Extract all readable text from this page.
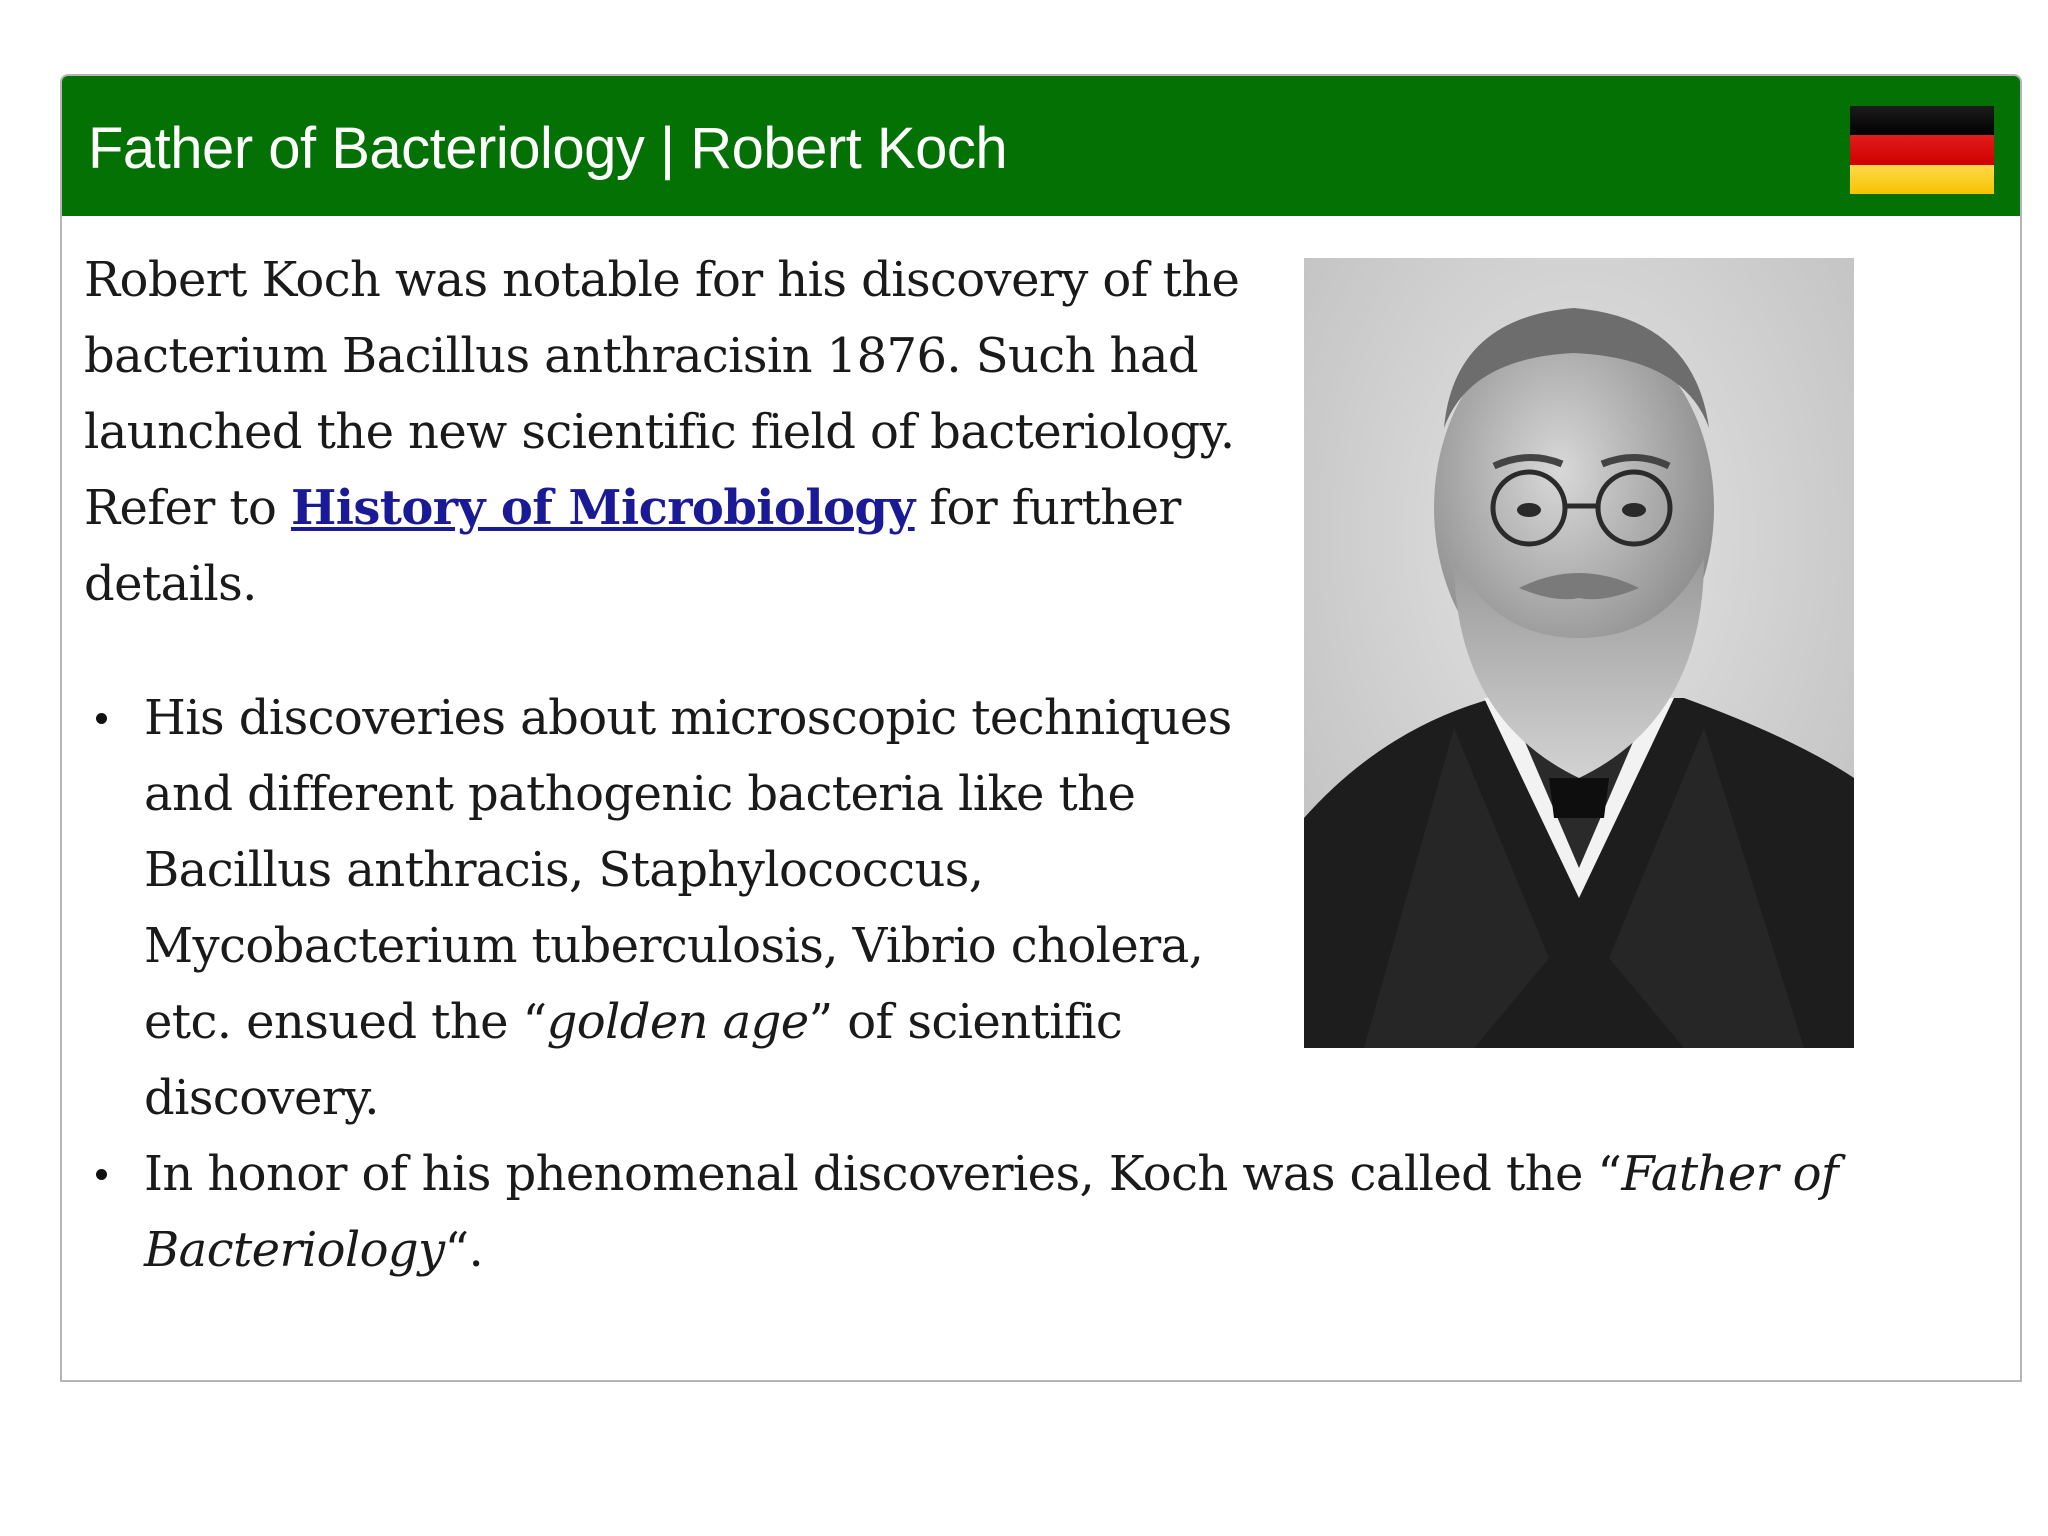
Father of Bacteriology | Robert Koch

Robert Koch was notable for his discovery of the bacterium Bacillus anthracisin 1876. Such had launched the new scientific field of bacteriology. Refer to History of Microbiology for further details.

His discoveries about microscopic techniques and different pathogenic bacteria like the Bacillus anthracis, Staphylococcus, Mycobacterium tuberculosis, Vibrio cholera, etc. ensued the “golden age” of scientific discovery.
In honor of his phenomenal discoveries, Koch was called the “Father of Bacteriology“.
